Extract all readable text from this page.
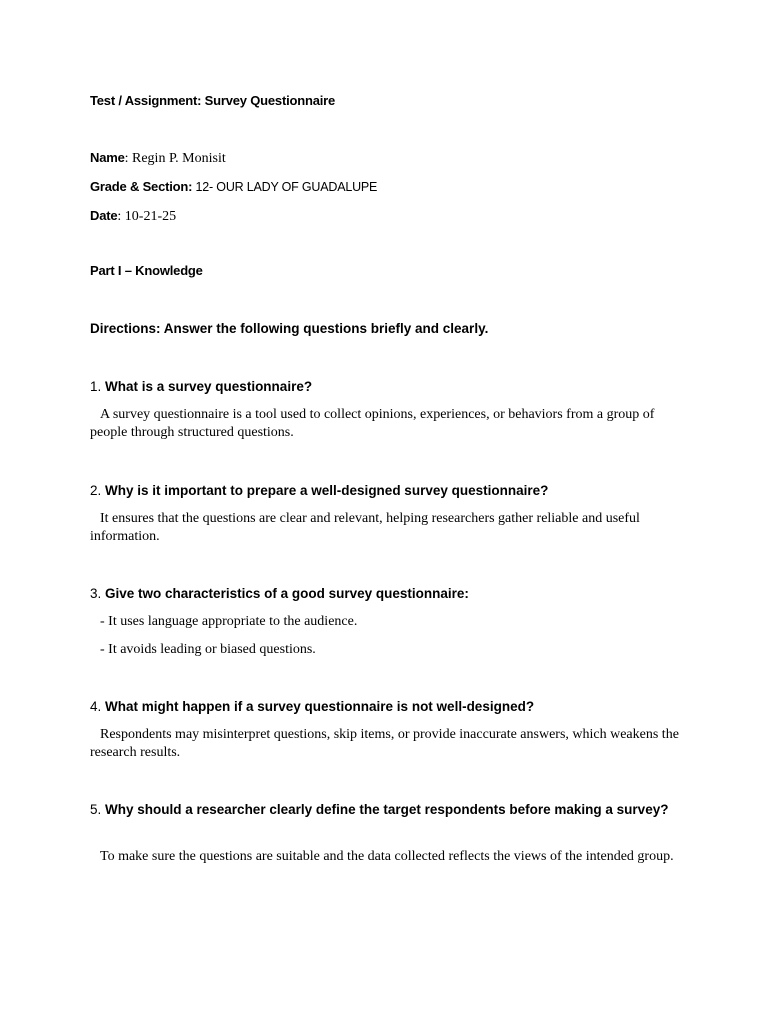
Test / Assignment: Survey Questionnaire
Name: Regin P. Monisit
Grade & Section: 12- OUR LADY OF GUADALUPE
Date: 10-21-25
Part I – Knowledge
Directions: Answer the following questions briefly and clearly.
1. What is a survey questionnaire?
A survey questionnaire is a tool used to collect opinions, experiences, or behaviors from a group of people through structured questions.
2. Why is it important to prepare a well-designed survey questionnaire?
It ensures that the questions are clear and relevant, helping researchers gather reliable and useful information.
3. Give two characteristics of a good survey questionnaire:
- It uses language appropriate to the audience.
- It avoids leading or biased questions.
4. What might happen if a survey questionnaire is not well-designed?
Respondents may misinterpret questions, skip items, or provide inaccurate answers, which weakens the research results.
5. Why should a researcher clearly define the target respondents before making a survey?
To make sure the questions are suitable and the data collected reflects the views of the intended group.
